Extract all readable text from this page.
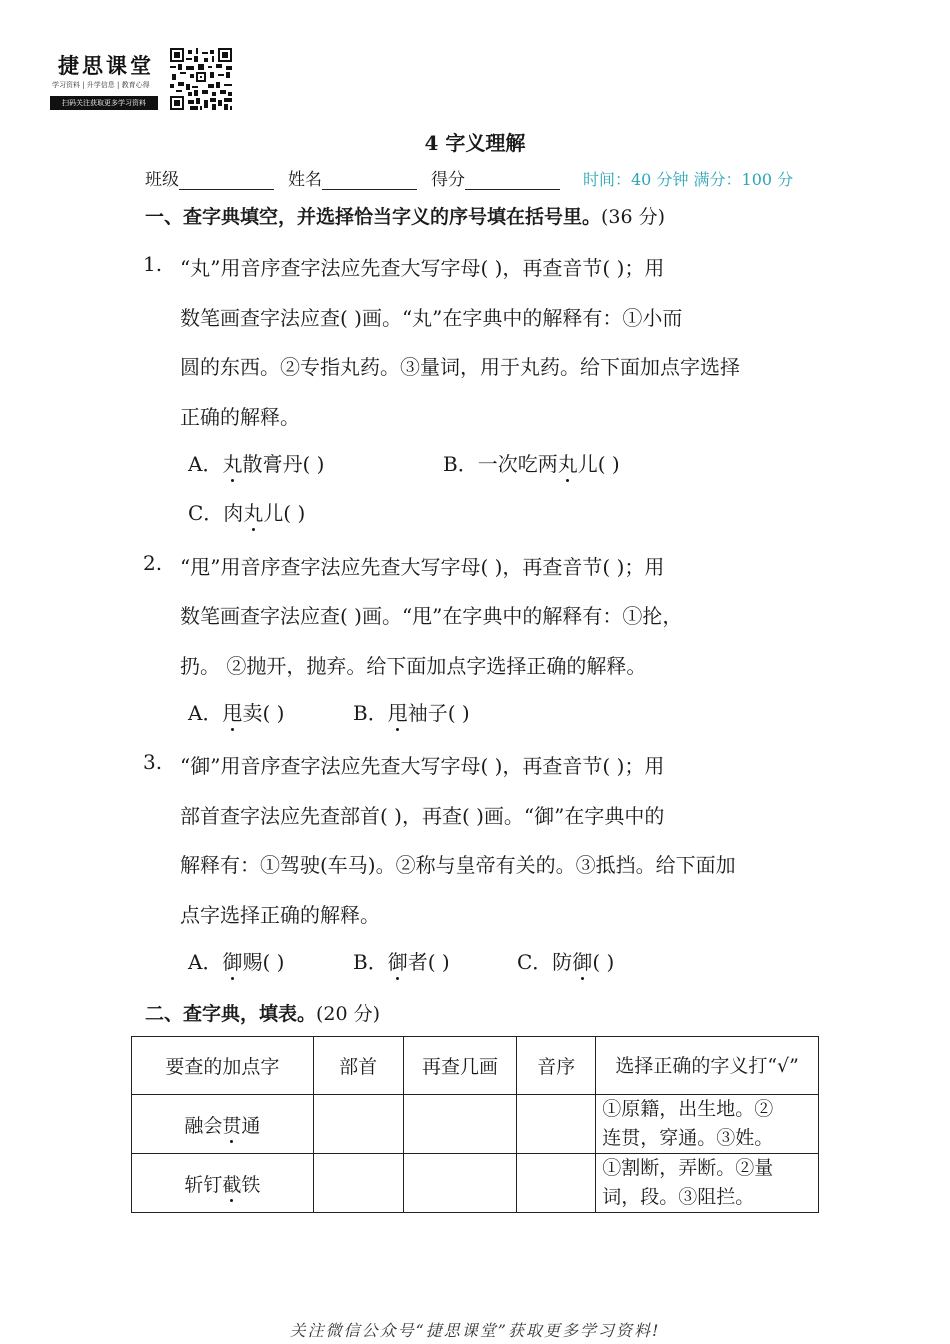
捷思课堂
学习资料 | 升学信息 | 教育心得
扫码关注获取更多学习资料
4 字义理解
班级	姓名	得分	时间：40 分钟 满分：100 分
一、查字典填空，并选择恰当字义的序号填在括号里。(36 分)
1. “丸”用音序查字法应先查大写字母( )，再查音节( )；用
数笔画查字法应查( )画。“丸”在字典中的解释有：①小而
圆的东西。②专指丸药。③量词，用于丸药。给下面加点字选择
正确的解释。
A．丸散膏丹( )	B．一次吃两丸儿( )
C．肉丸儿( )
2. “甩”用音序查字法应先查大写字母( )，再查音节( )；用
数笔画查字法应查( )画。“甩”在字典中的解释有：①抡，
扔。 ②抛开，抛弃。给下面加点字选择正确的解释。
A．甩卖( )	B．甩袖子( )
3. “御”用音序查字法应先查大写字母( )，再查音节( )；用
部首查字法应先查部首( )，再查( )画。“御”在字典中的
解释有：①驾驶(车马)。②称与皇帝有关的。③抵挡。给下面加
点字选择正确的解释。
A．御赐( )	B．御者( )	C．防御( )
二、查字典，填表。(20 分)
要查的加点字	部首	再查几画	音序	选择正确的字义打“√”
融会贯通				①原籍，出生地。②
连贯，穿通。③姓。

斩钉截铁				①割断，弄断。②量
词，段。③阻拦。
关注微信公众号“捷思课堂”获取更多学习资料!
